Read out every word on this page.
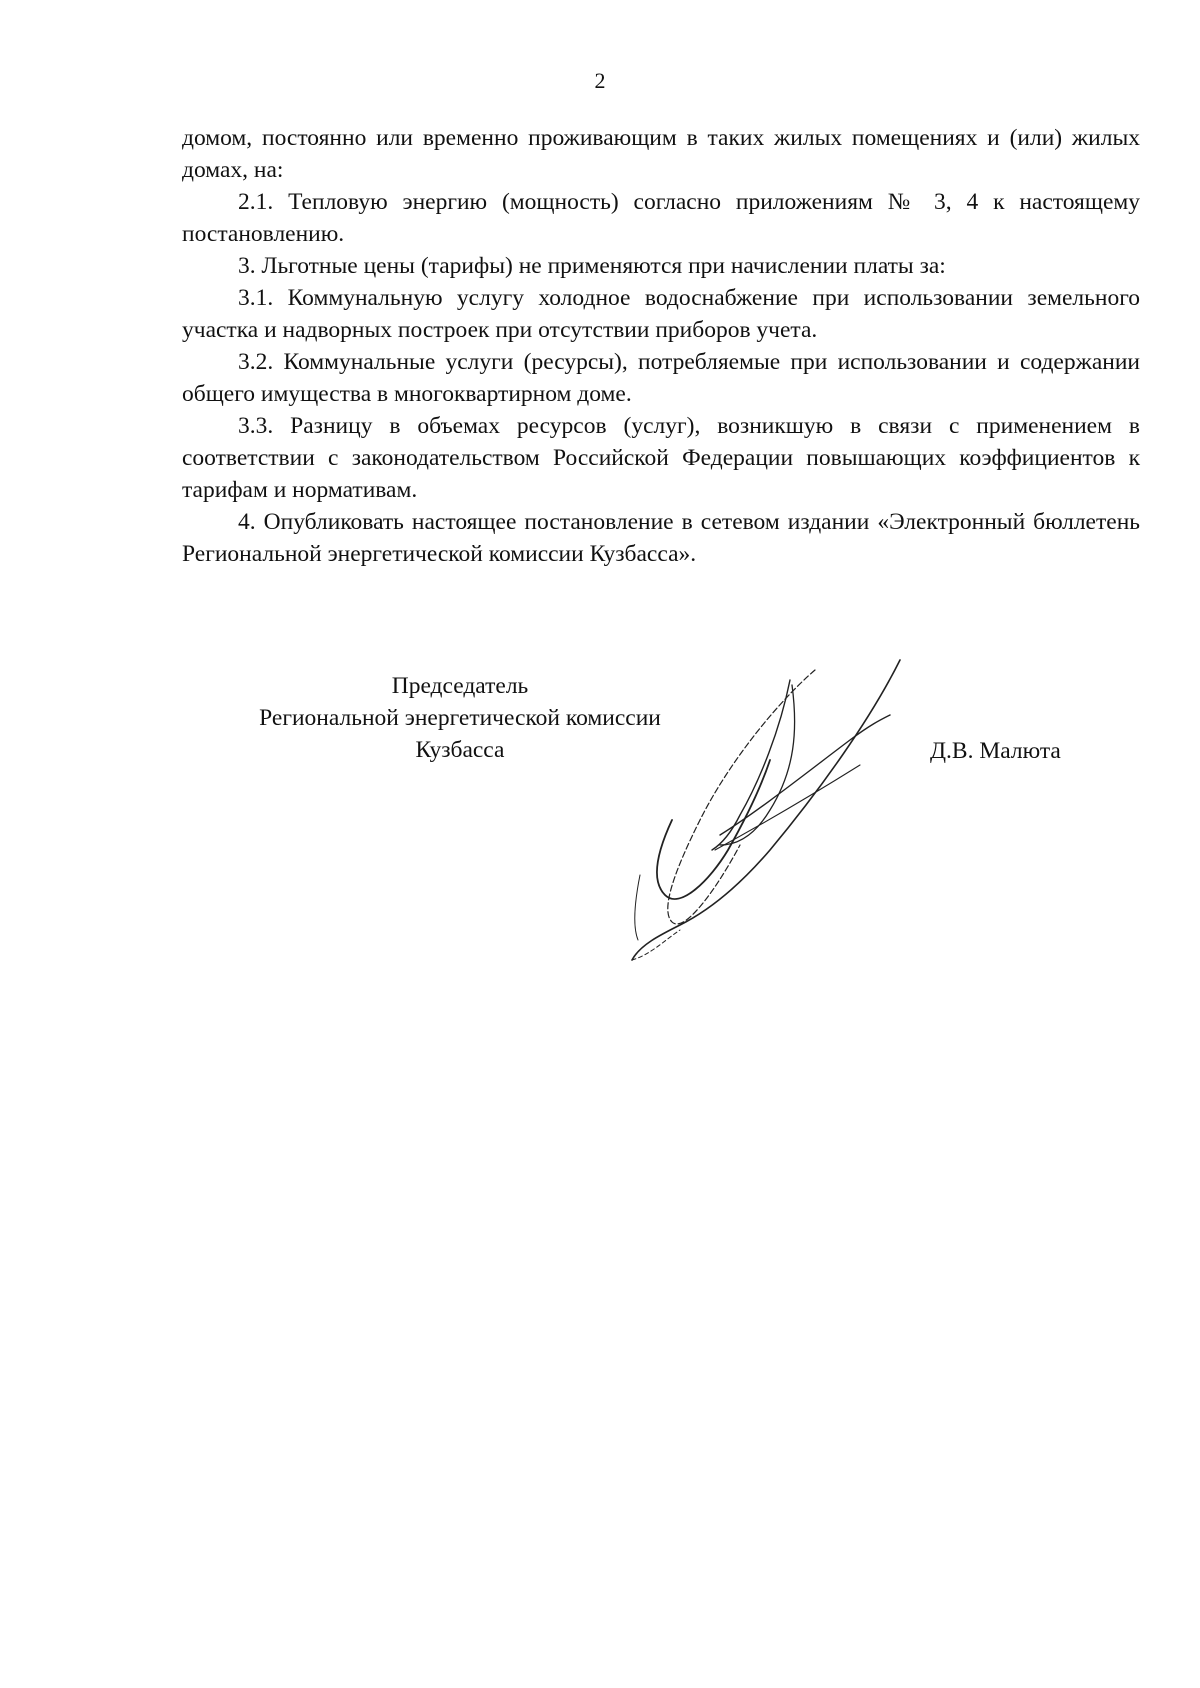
2

домом, постоянно или временно проживающим в таких жилых помещениях и (или) жилых домах, на:

2.1. Тепловую энергию (мощность) согласно приложениям № 3, 4 к настоящему постановлению.

3. Льготные цены (тарифы) не применяются при начислении платы за:

3.1. Коммунальную услугу холодное водоснабжение при использовании земельного участка и надворных построек при отсутствии приборов учета.

3.2. Коммунальные услуги (ресурсы), потребляемые при использовании и содержании общего имущества в многоквартирном доме.

3.3. Разницу в объемах ресурсов (услуг), возникшую в связи с применением в соответствии с законодательством Российской Федерации повышающих коэффициентов к тарифам и нормативам.

4. Опубликовать настоящее постановление в сетевом издании «Электронный бюллетень Региональной энергетической комиссии Кузбасса».

Председатель
Региональной энергетической комиссии
Кузбасса	Д.В. Малюта
